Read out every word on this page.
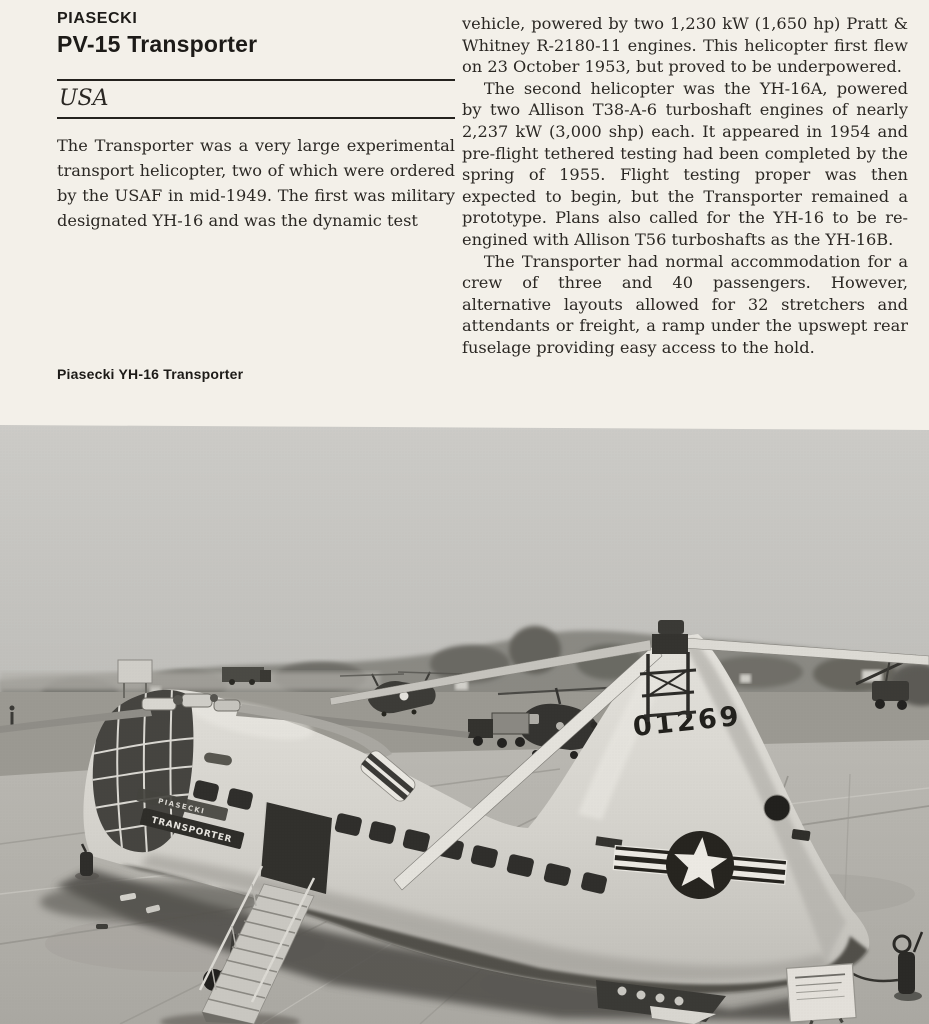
PIASECKI
PV-15 Transporter
USA

The Transporter was a very large experimental transport helicopter, two of which were ordered by the USAF in mid-1949. The first was military designated YH-16 and was the dynamic test

Piasecki YH-16 Transporter

vehicle, powered by two 1,230 kW (1,650 hp) Pratt & Whitney R-2180-11 engines. This helicopter first flew on 23 October 1953, but proved to be underpowered.

The second helicopter was the YH-16A, powered by two Allison T38-A-6 turboshaft engines of nearly 2,237 kW (3,000 shp) each. It appeared in 1954 and pre-flight tethered testing had been completed by the spring of 1955. Flight testing proper was then expected to begin, but the Transporter remained a prototype. Plans also called for the YH-16 to be re-engined with Allison T56 turboshafts as the YH-16B.

The Transporter had normal accommodation for a crew of three and 40 passengers. However, alternative layouts allowed for 32 stretchers and attendants or freight, a ramp under the upswept rear fuselage providing easy access to the hold.
